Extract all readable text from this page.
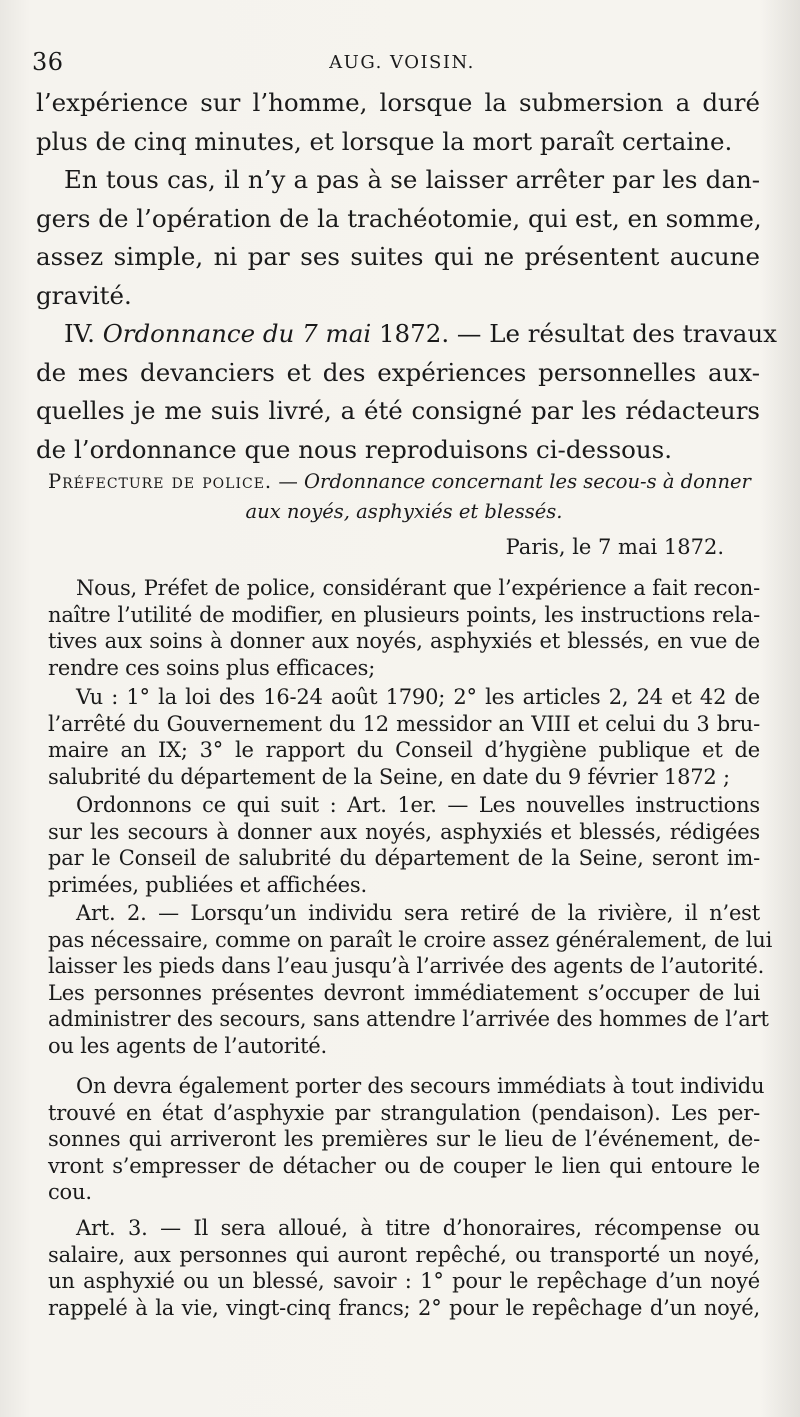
36	AUG. VOISIN.
l’expérience sur l’homme, lorsque la submersion a duré
plus de cinq minutes, et lorsque la mort paraît certaine.
En tous cas, il n’y a pas à se laisser arrêter par les dan-
gers de l’opération de la trachéotomie, qui est, en somme,
assez simple, ni par ses suites qui ne présentent aucune
gravité.
IV. Ordonnance du 7 mai 1872. — Le résultat des travaux
de mes devanciers et des expériences personnelles aux-
quelles je me suis livré, a été consigné par les rédacteurs
de l’ordonnance que nous reproduisons ci-dessous.
Préfecture de police. — Ordonnance concernant les secou-s à donner
aux noyés, asphyxiés et blessés.
Paris, le 7 mai 1872.
Nous, Préfet de police, considérant que l’expérience a fait recon-
naître l’utilité de modifier, en plusieurs points, les instructions rela-
tives aux soins à donner aux noyés, asphyxiés et blessés, en vue de
rendre ces soins plus efficaces;
Vu : 1° la loi des 16-24 août 1790; 2° les articles 2, 24 et 42 de
l’arrêté du Gouvernement du 12 messidor an VIII et celui du 3 bru-
maire an IX; 3° le rapport du Conseil d’hygiène publique et de
salubrité du département de la Seine, en date du 9 février 1872 ;
Ordonnons ce qui suit : Art. 1er. — Les nouvelles instructions
sur les secours à donner aux noyés, asphyxiés et blessés, rédigées
par le Conseil de salubrité du département de la Seine, seront im-
primées, publiées et affichées.
Art. 2. — Lorsqu’un individu sera retiré de la rivière, il n’est
pas nécessaire, comme on paraît le croire assez généralement, de lui
laisser les pieds dans l’eau jusqu’à l’arrivée des agents de l’autorité.
Les personnes présentes devront immédiatement s’occuper de lui
administrer des secours, sans attendre l’arrivée des hommes de l’art
ou les agents de l’autorité.
On devra également porter des secours immédiats à tout individu
trouvé en état d’asphyxie par strangulation (pendaison). Les per-
sonnes qui arriveront les premières sur le lieu de l’événement, de-
vront s’empresser de détacher ou de couper le lien qui entoure le
cou.
Art. 3. — Il sera alloué, à titre d’honoraires, récompense ou
salaire, aux personnes qui auront repêché, ou transporté un noyé,
un asphyxié ou un blessé, savoir : 1° pour le repêchage d’un noyé
rappelé à la vie, vingt-cinq francs; 2° pour le repêchage d’un noyé,
